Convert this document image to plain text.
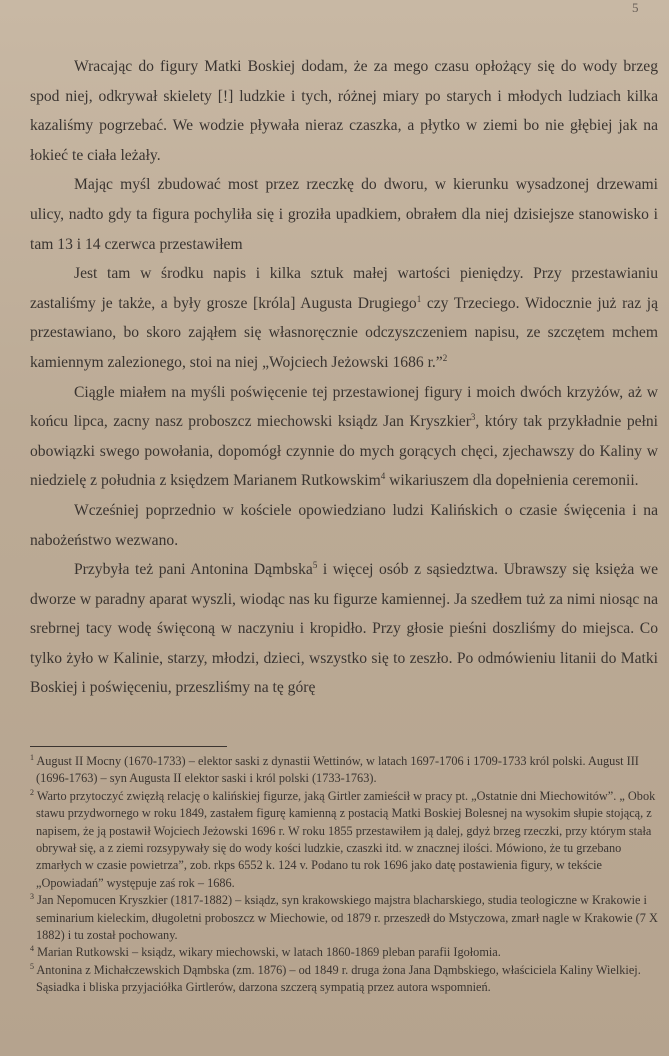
5

Wracając do figury Matki Boskiej dodam, że za mego czasu opłożący się do wody brzeg spod niej, odkrywał skielety [!] ludzkie i tych, różnej miary po starych i młodych ludziach kilka kazaliśmy pogrzebać. We wodzie pływała nieraz czaszka, a płytko w ziemi bo nie głębiej jak na łokieć te ciała leżały.

Mając myśl zbudować most przez rzeczkę do dworu, w kierunku wysadzonej drzewami ulicy, nadto gdy ta figura pochyliła się i groziła upadkiem, obrałem dla niej dzisiejsze stanowisko i tam 13 i 14 czerwca przestawiłem

Jest tam w środku napis i kilka sztuk małej wartości pieniędzy. Przy przestawianiu zastaliśmy je także, a były grosze [króla] Augusta Drugiego$^1$ czy Trzeciego. Widocznie już raz ją przestawiano, bo skoro zająłem się własnoręcznie odczyszczeniem napisu, ze szczętem mchem kamiennym zalezionego, stoi na niej „Wojciech Jeżowski 1686 r.”$^2$

Ciągle miałem na myśli poświęcenie tej przestawionej figury i moich dwóch krzyżów, aż w końcu lipca, zacny nasz proboszcz miechowski ksiądz Jan Kryszkier$^3$, który tak przykładnie pełni obowiązki swego powołania, dopomógł czynnie do mych gorących chęci, zjechawszy do Kaliny w niedzielę z południa z księdzem Marianem Rutkowskim$^4$ wikariuszem dla dopełnienia ceremonii.

Wcześniej poprzednio w kościele opowiedziano ludzi Kalińskich o czasie święcenia i na nabożeństwo wezwano.

Przybyła też pani Antonina Dąmbska$^5$ i więcej osób z sąsiedztwa. Ubrawszy się księża we dworze w paradny aparat wyszli, wiodąc nas ku figurze kamiennej. Ja szedłem tuż za nimi niosąc na srebrnej tacy wodę święconą w naczyniu i kropidło. Przy głosie pieśni doszliśmy do miejsca. Co tylko żyło w Kalinie, starzy, młodzi, dzieci, wszystko się to zeszło. Po odmówieniu litanii do Matki Boskiej i poświęceniu, przeszliśmy na tę górę

$^1$ August II Mocny (1670-1733) – elektor saski z dynastii Wettinów, w latach 1697-1706 i 1709-1733 król polski. August III (1696-1763) – syn Augusta II elektor saski i król polski (1733-1763).

$^2$ Warto przytoczyć zwięzłą relację o kalińskiej figurze, jaką Girtler zamieścił w pracy pt. „Ostatnie dni Miechowitów”. „ Obok stawu przydwornego w roku 1849, zastałem figurę kamienną z postacią Matki Boskiej Bolesnej na wysokim słupie stojącą, z napisem, że ją postawił Wojciech Jeżowski 1696 r. W roku 1855 przestawiłem ją dalej, gdyż brzeg rzeczki, przy którym stała obrywał się, a z ziemi rozsypywały się do wody kości ludzkie, czaszki itd. w znacznej ilości. Mówiono, że tu grzebano zmarłych w czasie powietrza”, zob. rkps 6552 k. 124 v. Podano tu rok 1696 jako datę postawienia figury, w tekście „Opowiadań” występuje zaś rok – 1686.

$^3$ Jan Nepomucen Kryszkier (1817-1882) – ksiądz, syn krakowskiego majstra blacharskiego, studia teologiczne w Krakowie i seminarium kieleckim, długoletni proboszcz w Miechowie, od 1879 r. przeszedł do Mstyczowa, zmarł nagle w Krakowie (7 X 1882) i tu został pochowany.

$^4$ Marian Rutkowski – ksiądz, wikary miechowski, w latach 1860-1869 pleban parafii Igołomia.

$^5$ Antonina z Michałczewskich Dąmbska (zm. 1876) – od 1849 r. druga żona Jana Dąmbskiego, właściciela Kaliny Wielkiej. Sąsiadka i bliska przyjaciółka Girtlerów, darzona szczerą sympatią przez autora wspomnień.
